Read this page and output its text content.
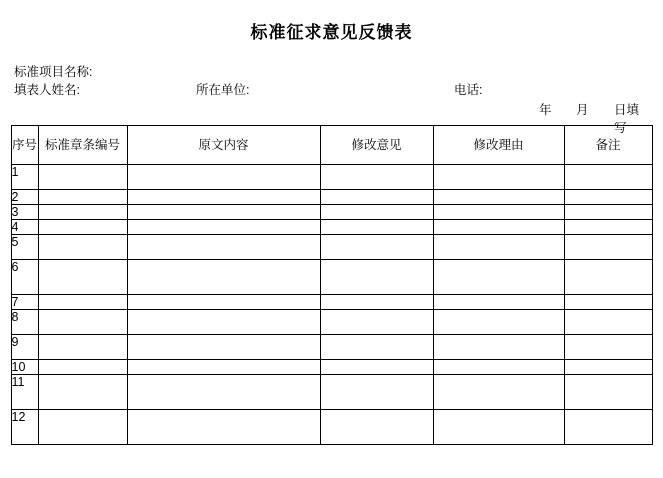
标准征求意见反馈表
标准项目名称:
填表人姓名:	所在单位:	电话:
年 月 日填写
序号	标准章条编号	原文内容	修改意见	修改理由	备注
1					
2					
3					
4					
5					
6					
7					
8					
9					
10					
11					
12					
